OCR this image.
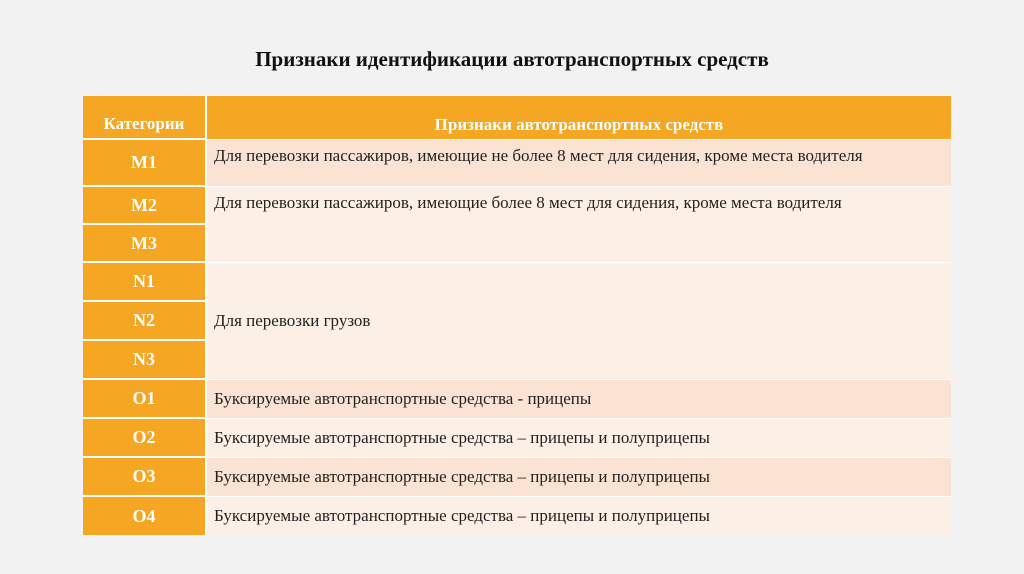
Признаки идентификации автотранспортных средств
Категории	Признаки автотранспортных средств
M1	Для перевозки пассажиров, имеющие не более 8 мест для сидения, кроме места водителя
M2	Для перевозки пассажиров, имеющие более 8 мест для сидения, кроме места водителя
M3	
N1	Для перевозки грузов
N2	
N3	
O1	Буксируемые автотранспортные средства - прицепы
O2	Буксируемые автотранспортные средства – прицепы и полуприцепы
O3	Буксируемые автотранспортные средства – прицепы и полуприцепы
O4	Буксируемые автотранспортные средства – прицепы и полуприцепы
